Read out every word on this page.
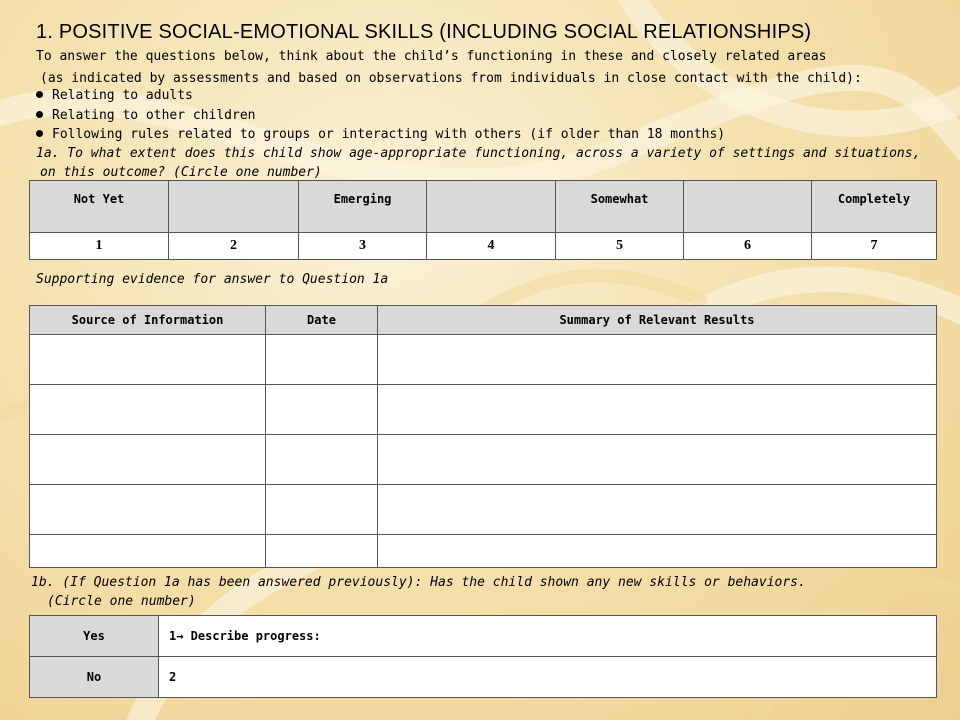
1. POSITIVE SOCIAL-EMOTIONAL SKILLS (INCLUDING SOCIAL RELATIONSHIPS)
To answer the questions below, think about the child’s functioning in these and closely related areas
(as indicated by assessments and based on observations from individuals in close contact with the child):
Relating to adults
Relating to other children
Following rules related to groups or interacting with others (if older than 18 months)
1a. To what extent does this child show age-appropriate functioning, across a variety of settings and situations,
on this outcome? (Circle one number)
Not Yet		Emerging		Somewhat		Completely
1	2	3	4	5	6	7
Supporting evidence for answer to Question 1a
Source of Information	Date	Summary of Relevant Results

1b. (If Question 1a has been answered previously): Has the child shown any new skills or behaviors.
(Circle one number)
Yes	1→ Describe progress:
No	2
